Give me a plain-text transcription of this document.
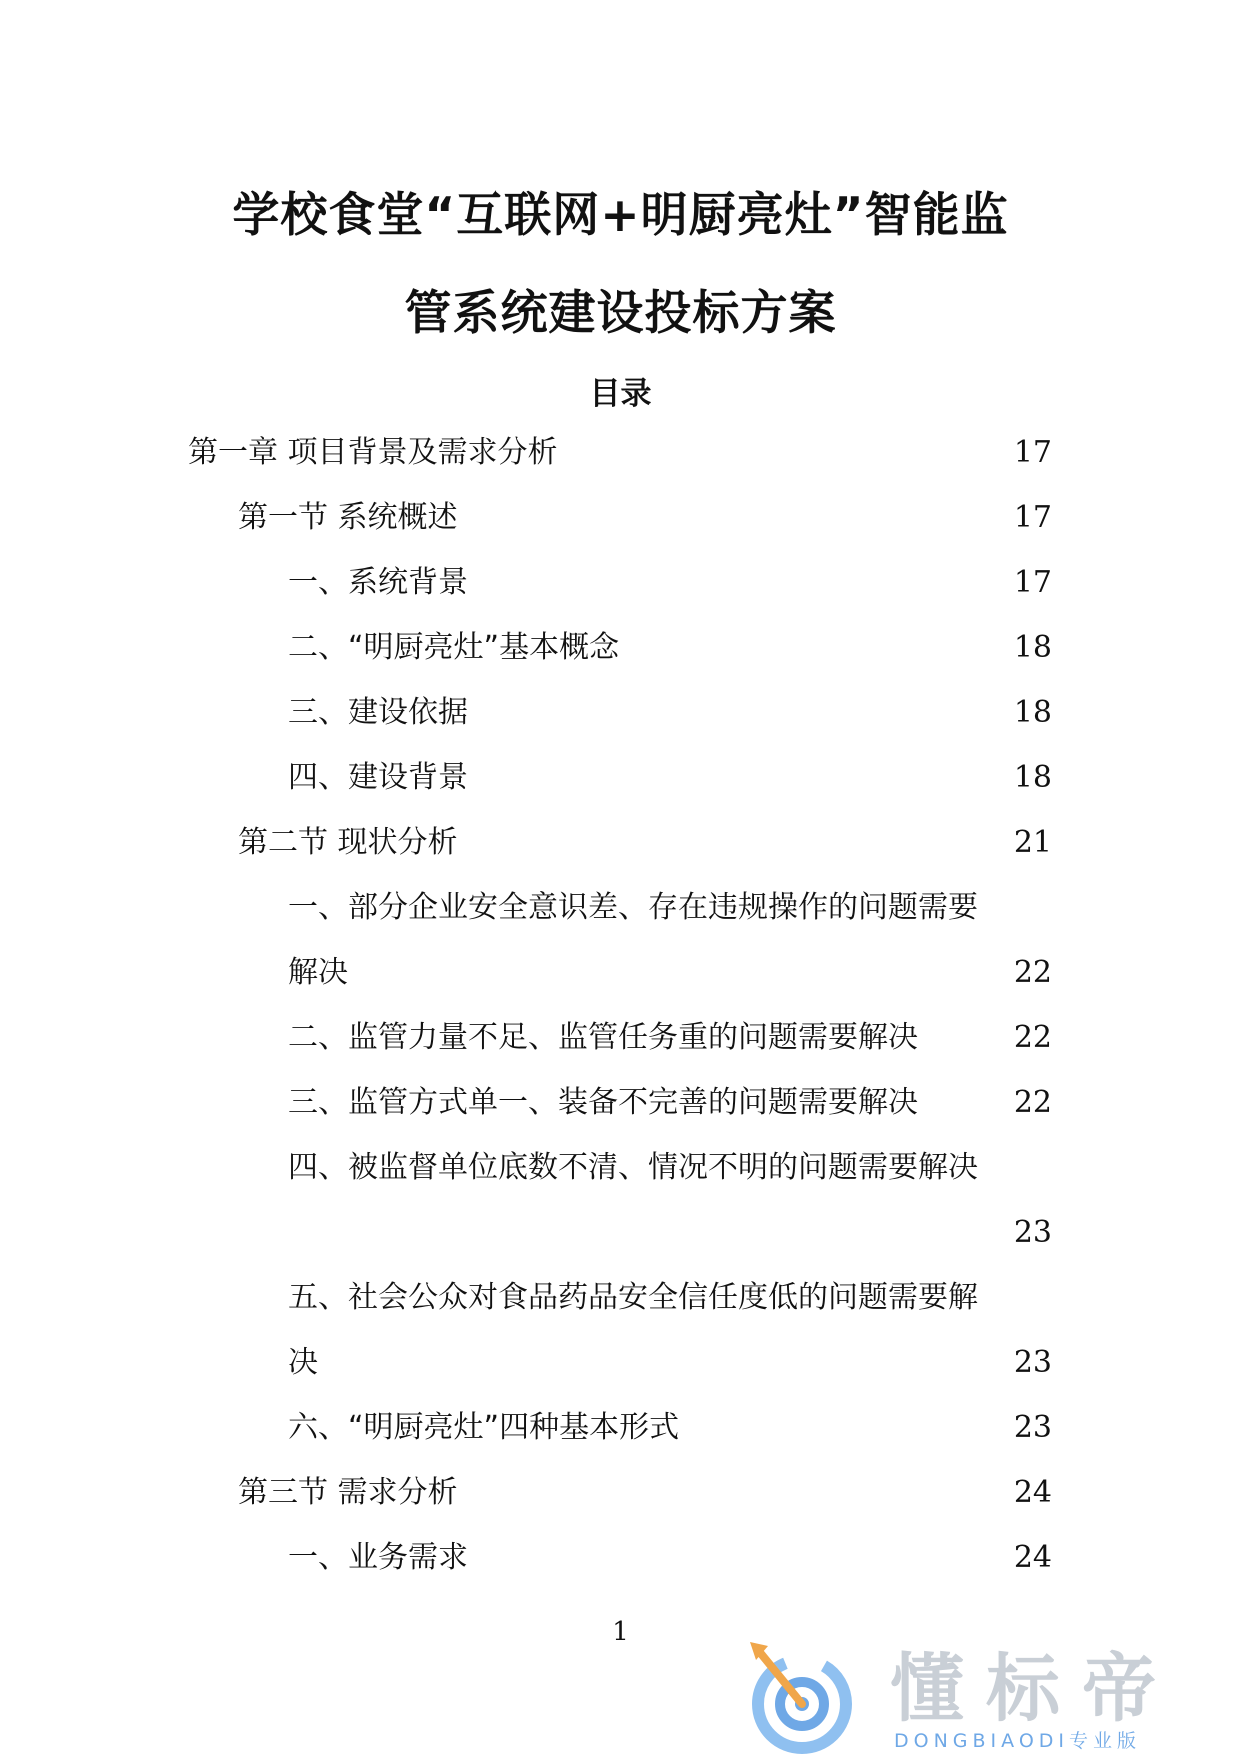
学校食堂“互联网+明厨亮灶”智能监
管系统建设投标方案
目录
第一章 项目背景及需求分析	17
第一节 系统概述	17
一、系统背景	17
二、“明厨亮灶”基本概念	18
三、建设依据	18
四、建设背景	18
第二节 现状分析	21
一、部分企业安全意识差、存在违规操作的问题需要
解决	22
二、监管力量不足、监管任务重的问题需要解决	22
三、监管方式单一、装备不完善的问题需要解决	22
四、被监督单位底数不清、情况不明的问题需要解决
23
五、社会公众对食品药品安全信任度低的问题需要解
决	23
六、“明厨亮灶”四种基本形式	23
第三节 需求分析	24
一、业务需求	24
1
懂标帝
DONGBIAODI专业版
